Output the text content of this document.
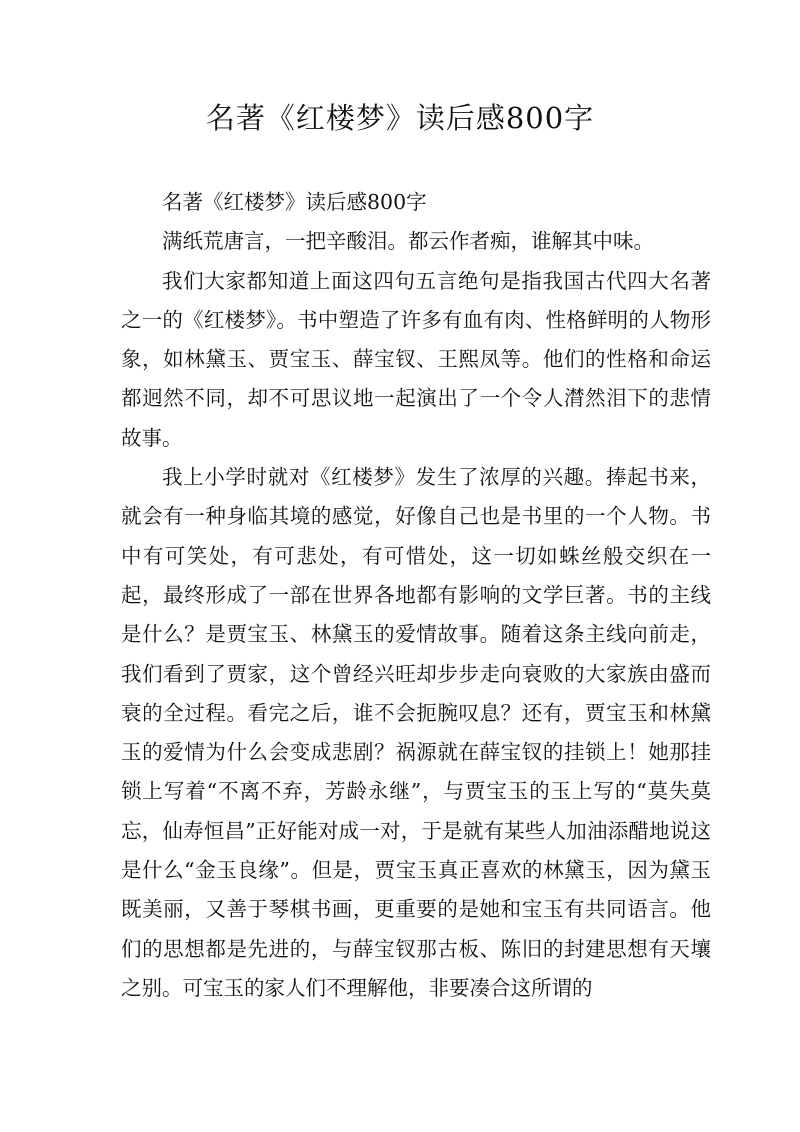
名著《红楼梦》读后感800字

名著《红楼梦》读后感800字

满纸荒唐言，一把辛酸泪。都云作者痴，谁解其中味。

我们大家都知道上面这四句五言绝句是指我国古代四大名著之一的《红楼梦》。书中塑造了许多有血有肉、性格鲜明的人物形象，如林黛玉、贾宝玉、薛宝钗、王熙凤等。他们的性格和命运都迥然不同，却不可思议地一起演出了一个令人潸然泪下的悲情故事。

我上小学时就对《红楼梦》发生了浓厚的兴趣。捧起书来，就会有一种身临其境的感觉，好像自己也是书里的一个人物。书中有可笑处，有可悲处，有可惜处，这一切如蛛丝般交织在一起，最终形成了一部在世界各地都有影响的文学巨著。书的主线是什么？是贾宝玉、林黛玉的爱情故事。随着这条主线向前走，我们看到了贾家，这个曾经兴旺却步步走向衰败的大家族由盛而衰的全过程。看完之后，谁不会扼腕叹息？还有，贾宝玉和林黛玉的爱情为什么会变成悲剧？祸源就在薛宝钗的挂锁上！她那挂锁上写着“不离不弃，芳龄永继”，与贾宝玉的玉上写的“莫失莫忘，仙寿恒昌”正好能对成一对，于是就有某些人加油添醋地说这是什么“金玉良缘”。但是，贾宝玉真正喜欢的林黛玉，因为黛玉既美丽，又善于琴棋书画，更重要的是她和宝玉有共同语言。他们的思想都是先进的，与薛宝钗那古板、陈旧的封建思想有天壤之别。可宝玉的家人们不理解他，非要凑合这所谓的
